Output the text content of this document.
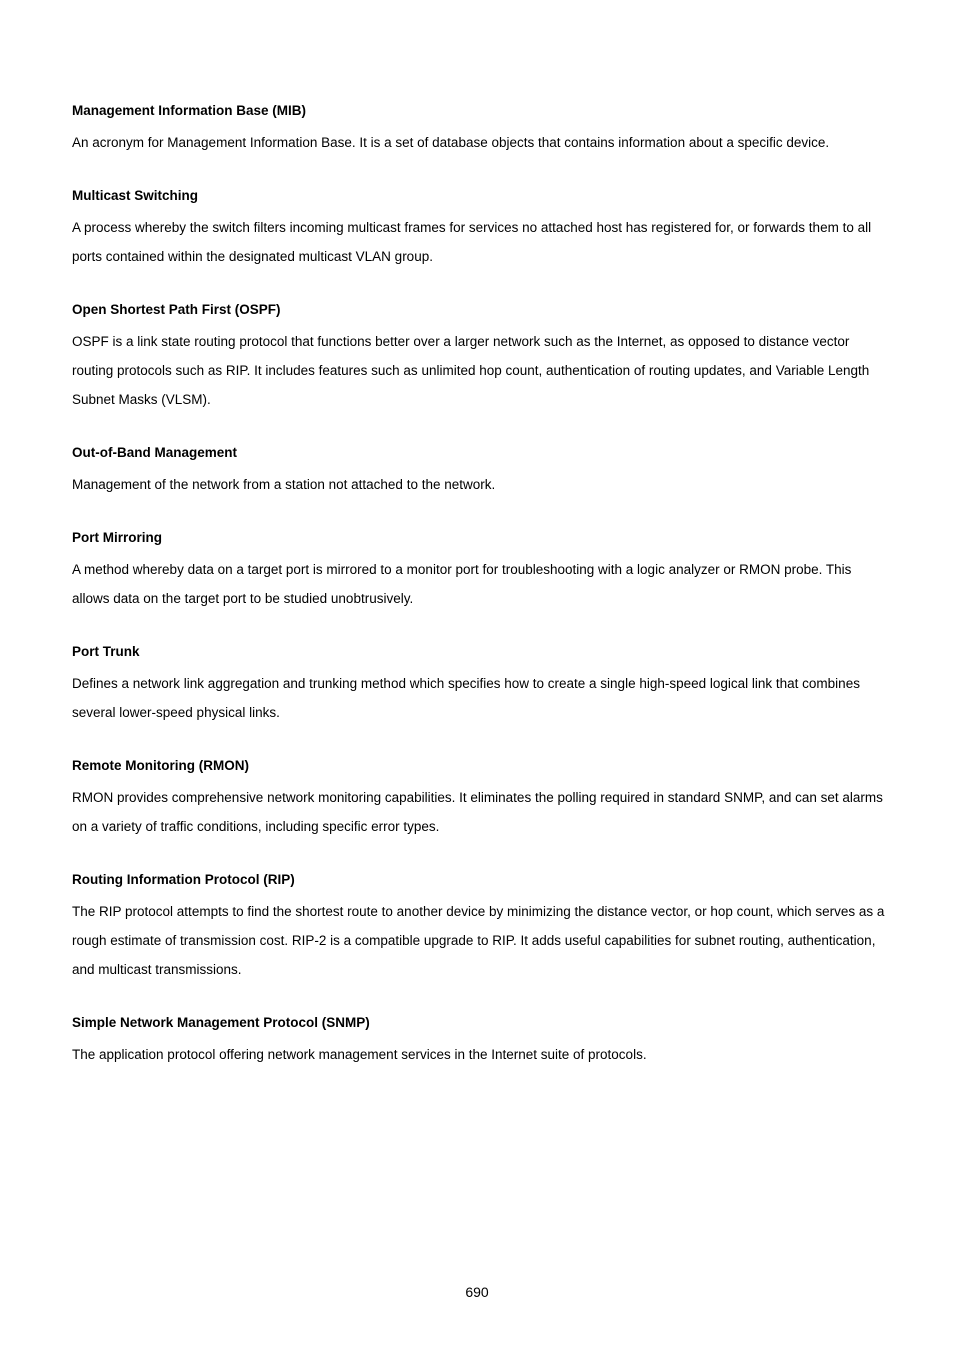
Management Information Base (MIB)

An acronym for Management Information Base. It is a set of database objects that contains information about a specific device.

Multicast Switching

A process whereby the switch filters incoming multicast frames for services no attached host has registered for, or forwards them to all ports contained within the designated multicast VLAN group.

Open Shortest Path First (OSPF)

OSPF is a link state routing protocol that functions better over a larger network such as the Internet, as opposed to distance vector routing protocols such as RIP. It includes features such as unlimited hop count, authentication of routing updates, and Variable Length Subnet Masks (VLSM).

Out-of-Band Management

Management of the network from a station not attached to the network.

Port Mirroring

A method whereby data on a target port is mirrored to a monitor port for troubleshooting with a logic analyzer or RMON probe. This allows data on the target port to be studied unobtrusively.

Port Trunk

Defines a network link aggregation and trunking method which specifies how to create a single high-speed logical link that combines several lower-speed physical links.

Remote Monitoring (RMON)

RMON provides comprehensive network monitoring capabilities. It eliminates the polling required in standard SNMP, and can set alarms on a variety of traffic conditions, including specific error types.

Routing Information Protocol (RIP)

The RIP protocol attempts to find the shortest route to another device by minimizing the distance vector, or hop count, which serves as a rough estimate of transmission cost. RIP-2 is a compatible upgrade to RIP. It adds useful capabilities for subnet routing, authentication, and multicast transmissions.

Simple Network Management Protocol (SNMP)

The application protocol offering network management services in the Internet suite of protocols.

690
